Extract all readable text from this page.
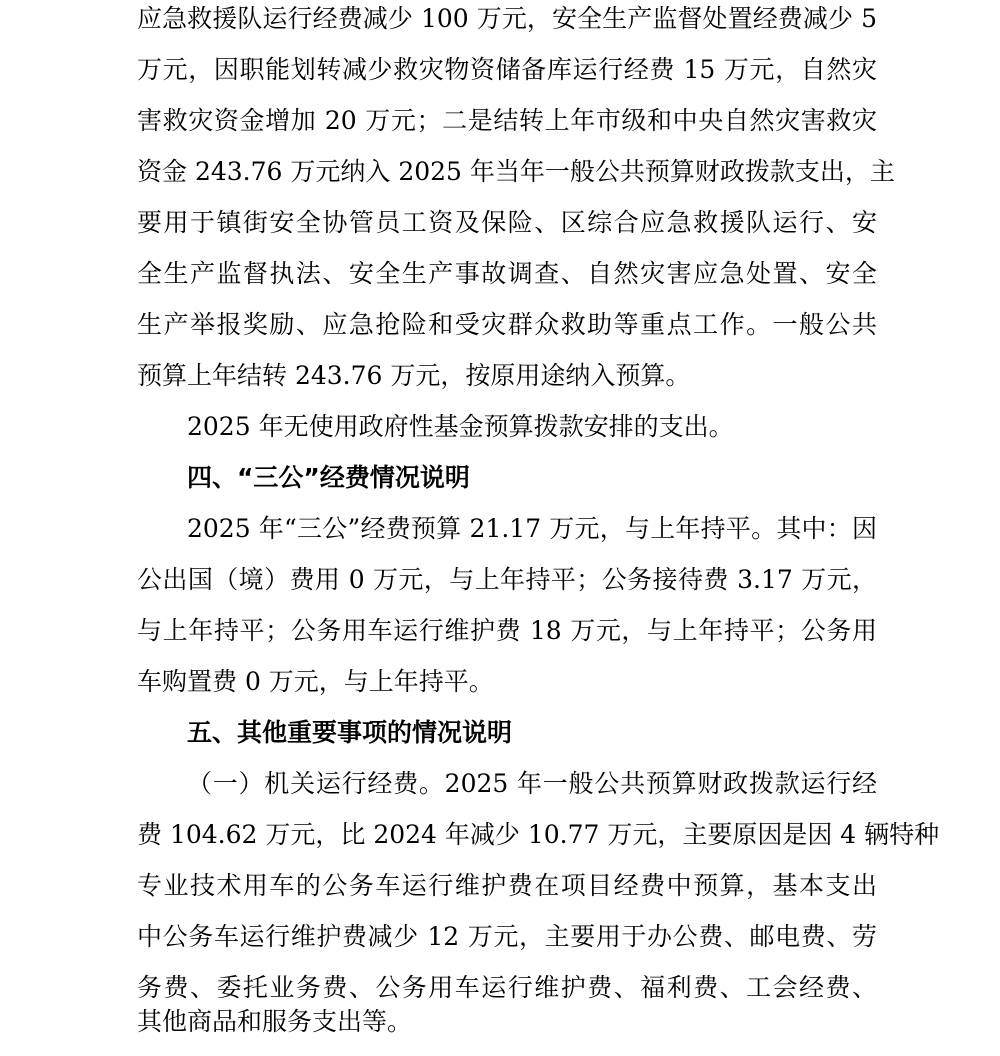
应急救援队运行经费减少 100 万元，安全生产监督处置经费减少 5
万元，因职能划转减少救灾物资储备库运行经费 15 万元，自然灾
害救灾资金增加 20 万元；二是结转上年市级和中央自然灾害救灾
资金 243.76 万元纳入 2025 年当年一般公共预算财政拨款支出，主
要用于镇街安全协管员工资及保险、区综合应急救援队运行、安
全生产监督执法、安全生产事故调查、自然灾害应急处置、安全
生产举报奖励、应急抢险和受灾群众救助等重点工作。一般公共
预算上年结转 243.76 万元，按原用途纳入预算。
2025 年无使用政府性基金预算拨款安排的支出。
四、“三公”经费情况说明
2025 年“三公”经费预算 21.17 万元，与上年持平。其中：因
公出国（境）费用 0 万元，与上年持平；公务接待费 3.17 万元，
与上年持平；公务用车运行维护费 18 万元，与上年持平；公务用
车购置费 0 万元，与上年持平。
五、其他重要事项的情况说明
（一）机关运行经费。2025 年一般公共预算财政拨款运行经
费 104.62 万元，比 2024 年减少 10.77 万元，主要原因是因 4 辆特种
专业技术用车的公务车运行维护费在项目经费中预算，基本支出
中公务车运行维护费减少 12 万元，主要用于办公费、邮电费、劳
务费、委托业务费、公务用车运行维护费、福利费、工会经费、
其他商品和服务支出等。
